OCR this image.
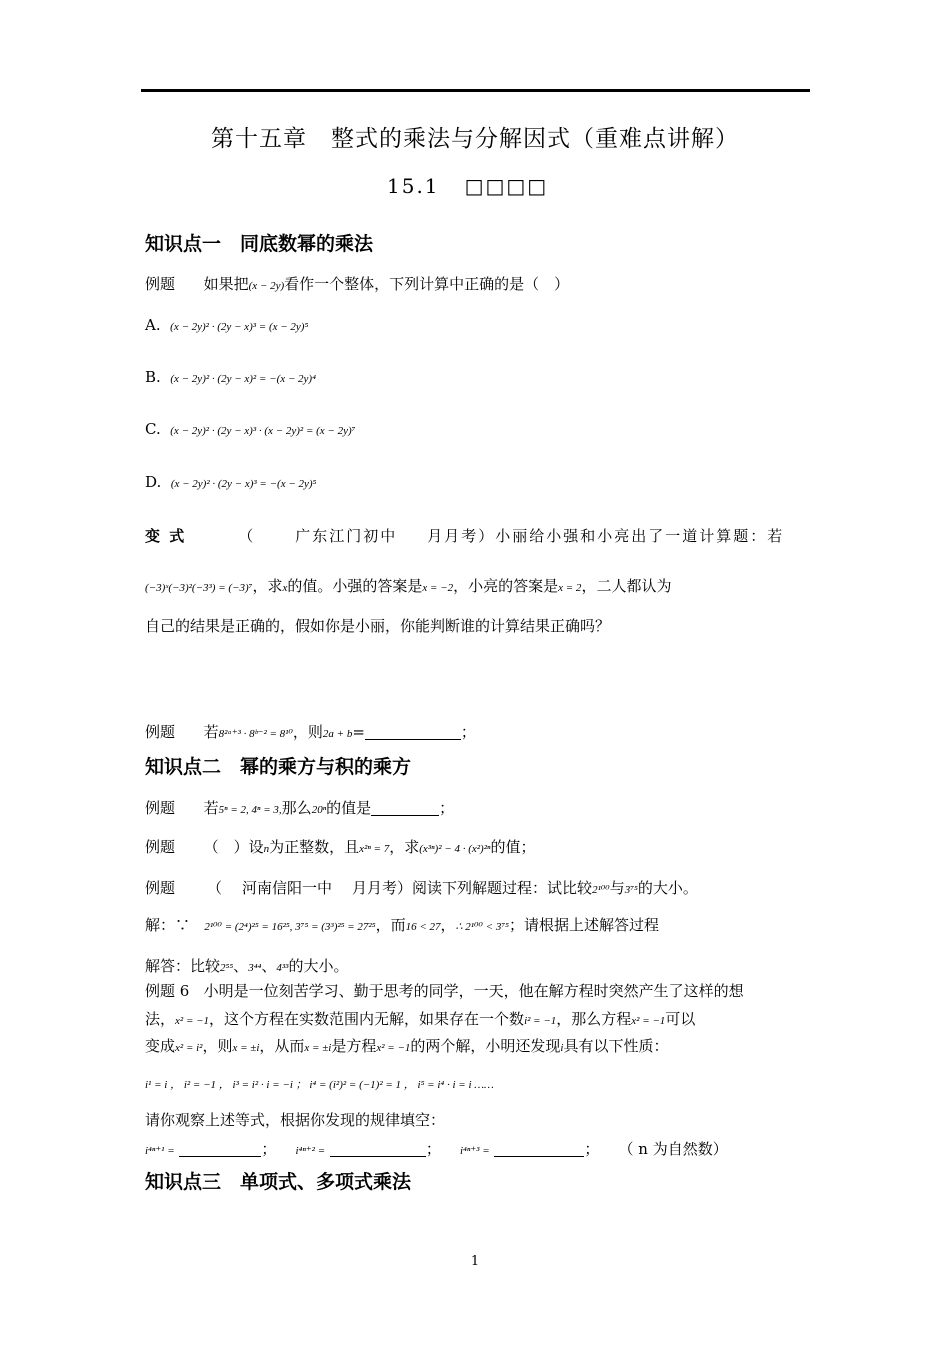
第十五章　整式的乘法与分解因式（重难点讲解）
15.1 □□□□
知识点一　同底数幂的乘法
例题 如果把(x − 2y)看作一个整体，下列计算中正确的是（　）
A. (x − 2y)² · (2y − x)³ = (x − 2y)⁵
B. (x − 2y)² · (2y − x)² = −(x − 2y)⁴
C. (x − 2y)² · (2y − x)³ · (x − 2y)² = (x − 2y)⁷
D. (x − 2y)² · (2y − x)³ = −(x − 2y)⁵
变 式	（	广东江门初中 月月考）小丽给小强和小亮出了一道计算题：若
(−3)ˣ(−3)²(−3³) = (−3)⁷，求x的值。小强的答案是x = −2，小亮的答案是x = 2，二人都认为
自己的结果是正确的，假如你是小丽，你能判断谁的计算结果正确吗？
例题 若8²ᵃ⁺³ · 8ᵇ⁻² = 8¹⁰，则2a + b=	；
知识点二　幂的乘方与积的乘方
例题 若5ⁿ = 2, 4ⁿ = 3,那么20ⁿ的值是	；
例题 （　）设n为正整数，且x²ⁿ = 7，求(x³ⁿ)² − 4 · (x²)²ⁿ的值；
例题 （ 河南信阳一中 月月考）阅读下列解题过程：试比较2¹⁰⁰与3⁷⁵的大小。
解：∵ 2¹⁰⁰ = (2⁴)²⁵ = 16²⁵, 3⁷⁵ = (3³)²⁵ = 27²⁵，而16 < 27，∴ 2¹⁰⁰ < 3⁷⁵；请根据上述解答过程
解答：比较2⁵⁵、3⁴⁴、4³³的大小。
例题 6 小明是一位刻苦学习、勤于思考的同学，一天，他在解方程时突然产生了这样的想
法，x² = −1，这个方程在实数范围内无解，如果存在一个数i² = −1，那么方程x² = −1可以
变成x² = i²，则x = ±i，从而x = ±i是方程x² = −1的两个解，小明还发现i具有以下性质：
i¹ = i ， i² = −1 ， i³ = i² · i = −i ； i⁴ = (i²)² = (−1)² = 1 ， i⁵ = i⁴ · i = i ……
请你观察上述等式，根据你发现的规律填空：
i⁴ⁿ⁺¹ =	； i⁴ⁿ⁺² =	； i⁴ⁿ⁺³ =	； （ n 为自然数）
知识点三　单项式、多项式乘法
1
